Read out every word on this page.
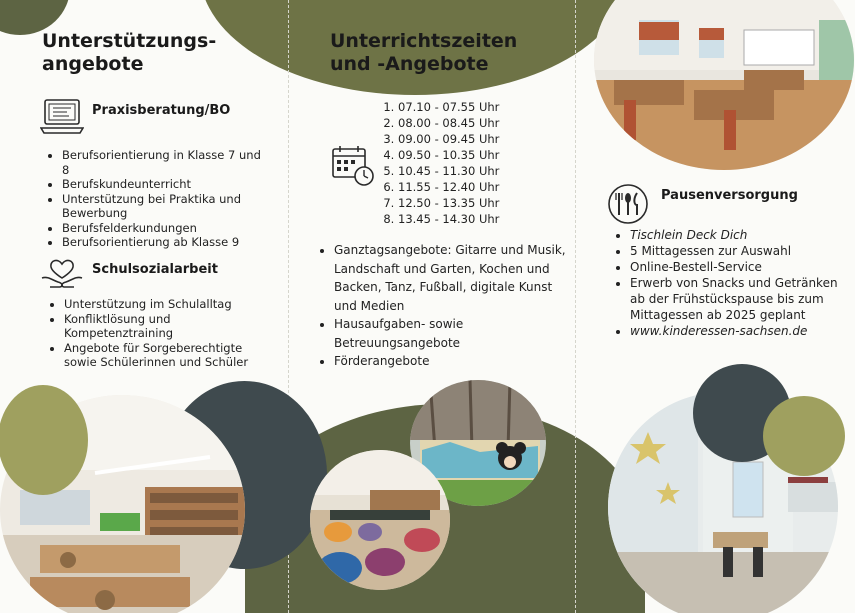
Unterstützungs-
angebote
Praxisberatung/BO
• Berufsorientierung in Klasse 7 und 8
• Berufskundeunterricht
• Unterstützung bei Praktika und Bewerbung
• Berufsfelderkundungen
• Berufsorientierung ab Klasse 9
Schulsozialarbeit
• Unterstützung im Schulalltag
• Konfliktlösung und Kompetenztraining
• Angebote für Sorgeberechtigte sowie Schülerinnen und Schüler
Unterrichtszeiten
und -Angebote
1. 07.10 - 07.55 Uhr
2. 08.00 - 08.45 Uhr
3. 09.00 - 09.45 Uhr
4. 09.50 - 10.35 Uhr
5. 10.45 - 11.30 Uhr
6. 11.55 - 12.40 Uhr
7. 12.50 - 13.35 Uhr
8. 13.45 - 14.30 Uhr
• Ganztagsangebote: Gitarre und Musik, Landschaft und Garten, Kochen und Backen, Tanz, Fußball, digitale Kunst und Medien
• Hausaufgaben- sowie Betreuungsangebote
• Förderangebote
Pausenversorgung
• Tischlein Deck Dich
• 5 Mittagessen zur Auswahl
• Online-Bestell-Service
• Erwerb von Snacks und Getränken ab der Frühstückspause bis zum Mittagessen ab 2025 geplant
• www.kinderessen-sachsen.de
